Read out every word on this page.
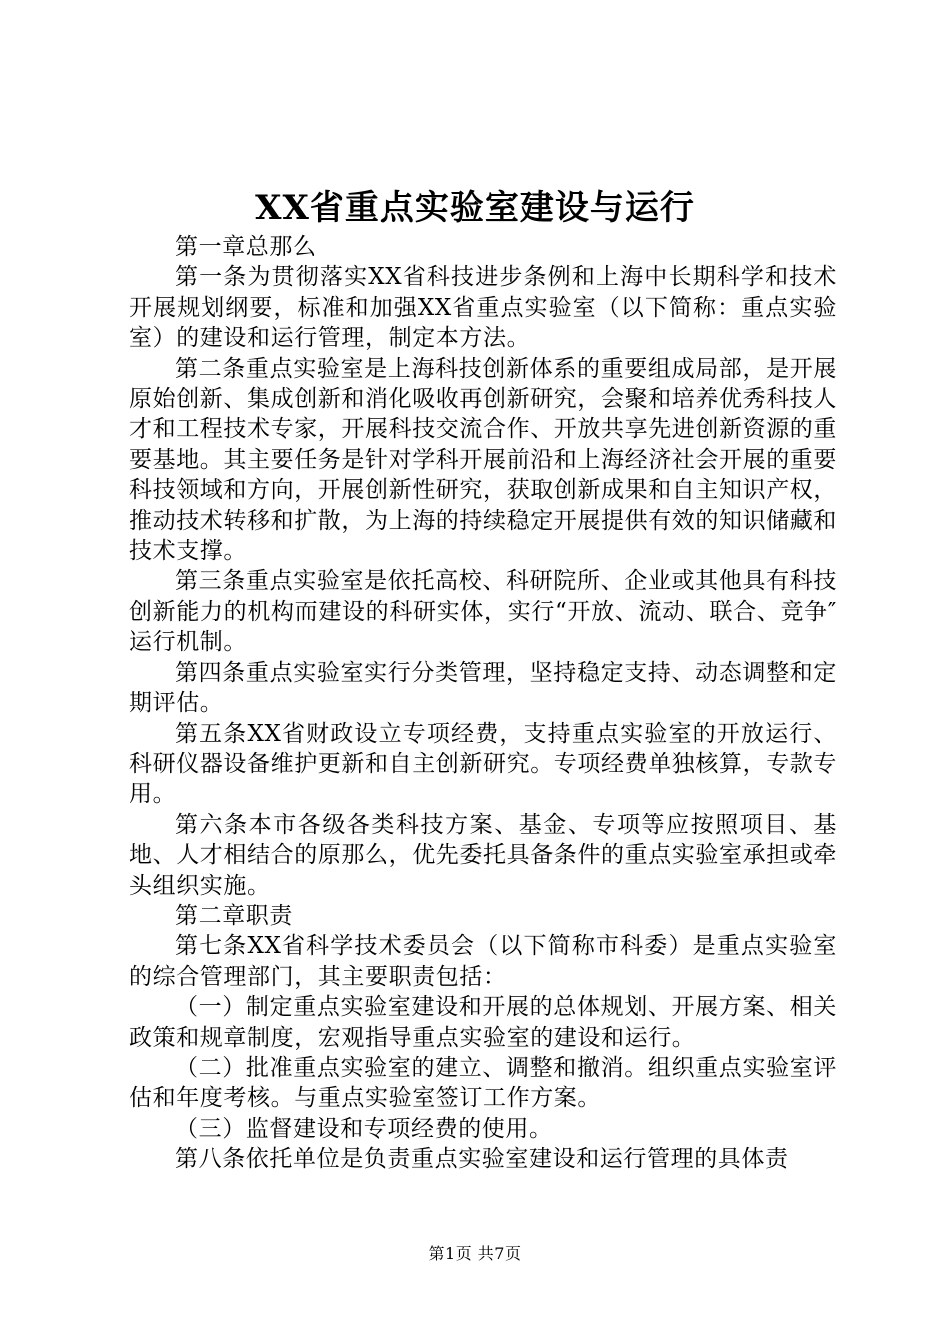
XX省重点实验室建设与运行

第一章总那么

第一条为贯彻落实XX省科技进步条例和上海中长期科学和技术开展规划纲要，标准和加强XX省重点实验室（以下简称：重点实验室）的建设和运行管理，制定本方法。

第二条重点实验室是上海科技创新体系的重要组成局部，是开展原始创新、集成创新和消化吸收再创新研究，会聚和培养优秀科技人才和工程技术专家，开展科技交流合作、开放共享先进创新资源的重要基地。其主要任务是针对学科开展前沿和上海经济社会开展的重要科技领域和方向，开展创新性研究，获取创新成果和自主知识产权，推动技术转移和扩散，为上海的持续稳定开展提供有效的知识储藏和技术支撑。

第三条重点实验室是依托高校、科研院所、企业或其他具有科技创新能力的机构而建设的科研实体，实行“开放、流动、联合、竞争″运行机制。

第四条重点实验室实行分类管理，坚持稳定支持、动态调整和定期评估。

第五条XX省财政设立专项经费，支持重点实验室的开放运行、科研仪器设备维护更新和自主创新研究。专项经费单独核算，专款专用。

第六条本市各级各类科技方案、基金、专项等应按照项目、基地、人才相结合的原那么，优先委托具备条件的重点实验室承担或牵头组织实施。

第二章职责

第七条XX省科学技术委员会（以下简称市科委）是重点实验室的综合管理部门，其主要职责包括：

（一）制定重点实验室建设和开展的总体规划、开展方案、相关政策和规章制度，宏观指导重点实验室的建设和运行。

（二）批准重点实验室的建立、调整和撤消。组织重点实验室评估和年度考核。与重点实验室签订工作方案。

（三）监督建设和专项经费的使用。

第八条依托单位是负责重点实验室建设和运行管理的具体责

第1页 共7页
